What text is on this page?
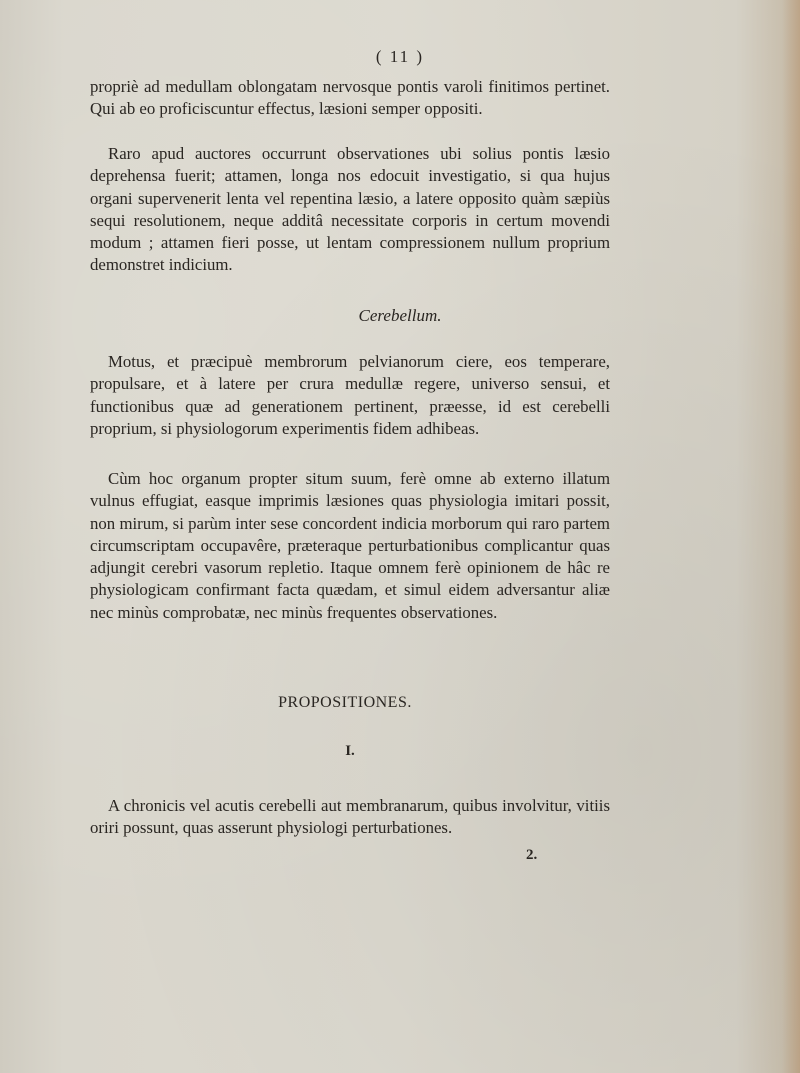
( 11 )

propriè ad medullam oblongatam nervosque pontis varoli finitimos pertinet. Qui ab eo proficiscuntur effectus, læsioni semper oppositi.

Raro apud auctores occurrunt observationes ubi solius pontis læsio deprehensa fuerit; attamen, longa nos edocuit investigatio, si qua hujus organi supervenerit lenta vel repentina læsio, a latere opposito quàm sæpiùs sequi resolutionem, neque additâ necessitate corporis in certum movendi modum ; attamen fieri posse, ut lentam compressionem nullum proprium demonstret indicium.

Cerebellum.

Motus, et præcipuè membrorum pelvianorum ciere, eos temperare, propulsare, et à latere per crura medullæ regere, universo sensui, et functionibus quæ ad generationem pertinent, præesse, id est cerebelli proprium, si physiologorum experimentis fidem adhibeas.

Cùm hoc organum propter situm suum, ferè omne ab externo illatum vulnus effugiat, easque imprimis læsiones quas physiologia imitari possit, non mirum, si parùm inter sese concordent indicia morborum qui raro partem circumscriptam occupavêre, præteraque perturbationibus complicantur quas adjungit cerebri vasorum repletio. Itaque omnem ferè opinionem de hâc re physiologicam confirmant facta quædam, et simul eidem adversantur aliæ nec minùs comprobatæ, nec minùs frequentes observationes.

PROPOSITIONES.
I.

A chronicis vel acutis cerebelli aut membranarum, quibus involvitur, vitiis oriri possunt, quas asserunt physiologi perturbationes.

2.
